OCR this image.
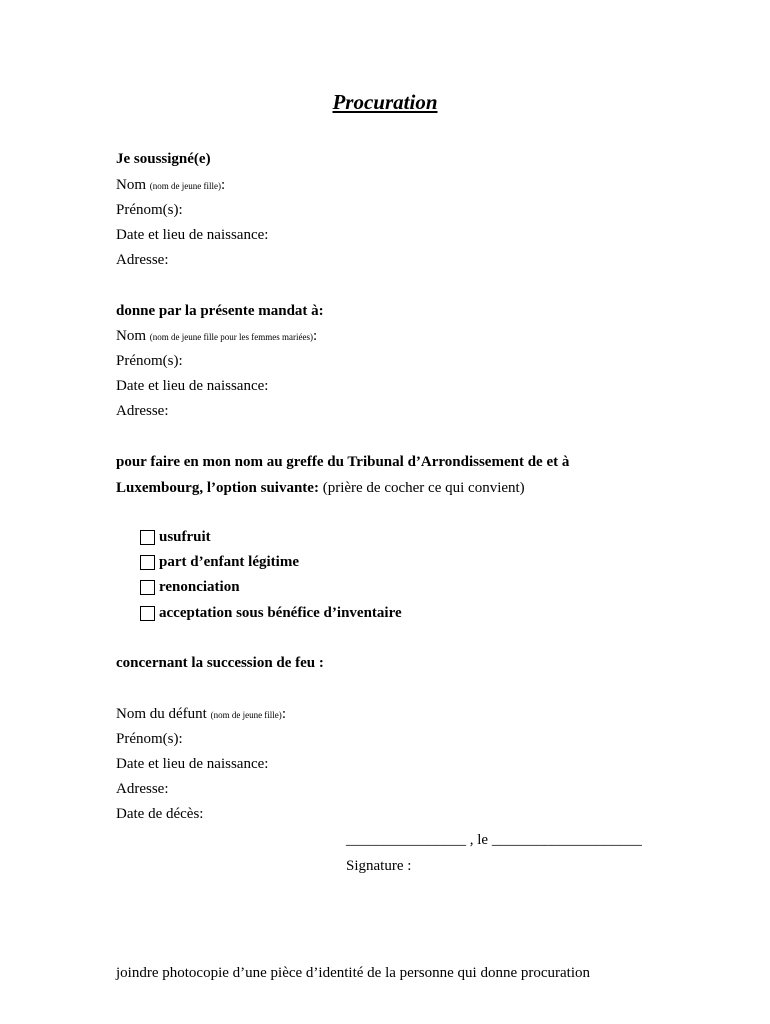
Procuration
Je soussigné(e)
Nom (nom de jeune fille):
Prénom(s):
Date et lieu de naissance:
Adresse:
donne par la présente mandat à:
Nom (nom de jeune fille pour les femmes mariées):
Prénom(s):
Date et lieu de naissance:
Adresse:
pour faire en mon nom au greffe du Tribunal d’Arrondissement de et à
Luxembourg, l’option suivante: (prière de cocher ce qui convient)
usufruit
part d’enfant légitime
renonciation
acceptation sous bénéfice d’inventaire
concernant la succession de feu :
Nom du défunt (nom de jeune fille):
Prénom(s):
Date et lieu de naissance:
Adresse:
Date de décès:
________________ , le ____________________
Signature :
joindre photocopie d’une pièce d’identité de la personne qui donne procuration
